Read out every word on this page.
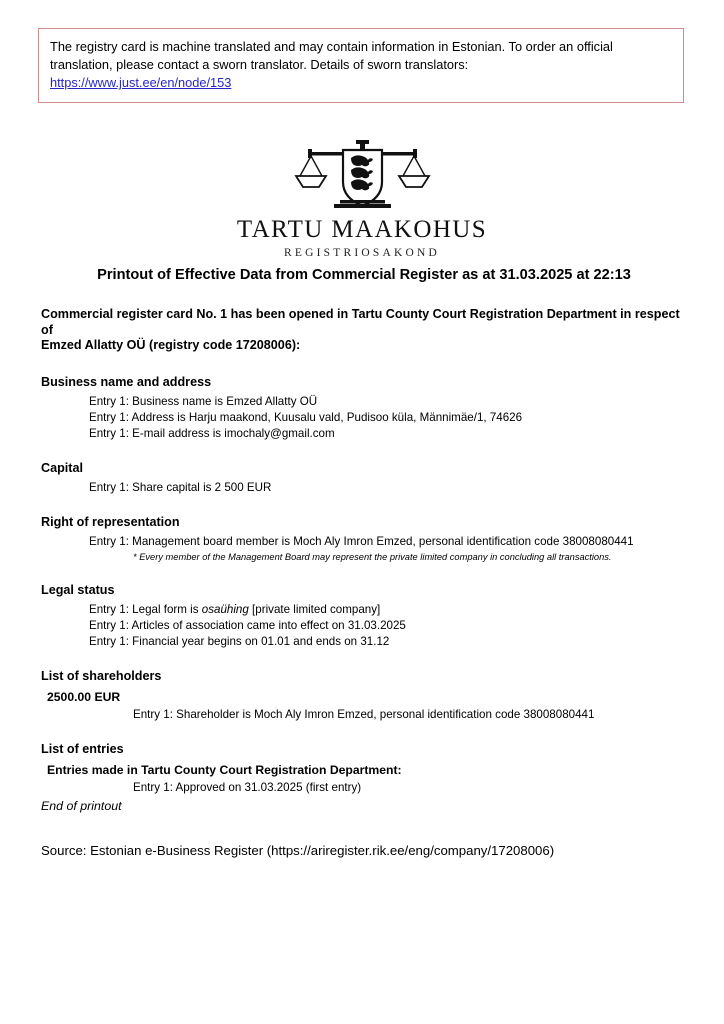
The registry card is machine translated and may contain information in Estonian. To order an official translation, please contact a sworn translator. Details of sworn translators:

https://www.just.ee/en/node/153
TARTU MAAKOHUS
REGISTRIOSAKOND
Printout of Effective Data from Commercial Register as at 31.03.2025 at 22:13
Commercial register card No. 1 has been opened in Tartu County Court Registration Department in respect of
Emzed Allatty OÜ (registry code 17208006):
Business name and address
Entry 1: Business name is Emzed Allatty OÜ
Entry 1: Address is Harju maakond, Kuusalu vald, Pudisoo küla, Männimäe/1, 74626
Entry 1: E-mail address is imochaly@gmail.com
Capital
Entry 1: Share capital is 2 500 EUR
Right of representation
Entry 1: Management board member is Moch Aly Imron Emzed, personal identification code 38008080441
* Every member of the Management Board may represent the private limited company in concluding all transactions.
Legal status
Entry 1: Legal form is osaühing [private limited company]
Entry 1: Articles of association came into effect on 31.03.2025
Entry 1: Financial year begins on 01.01 and ends on 31.12
List of shareholders
2500.00 EUR
Entry 1: Shareholder is Moch Aly Imron Emzed, personal identification code 38008080441
List of entries
Entries made in Tartu County Court Registration Department:
Entry 1: Approved on 31.03.2025 (first entry)
End of printout
Source: Estonian e-Business Register (https://ariregister.rik.ee/eng/company/17208006)
